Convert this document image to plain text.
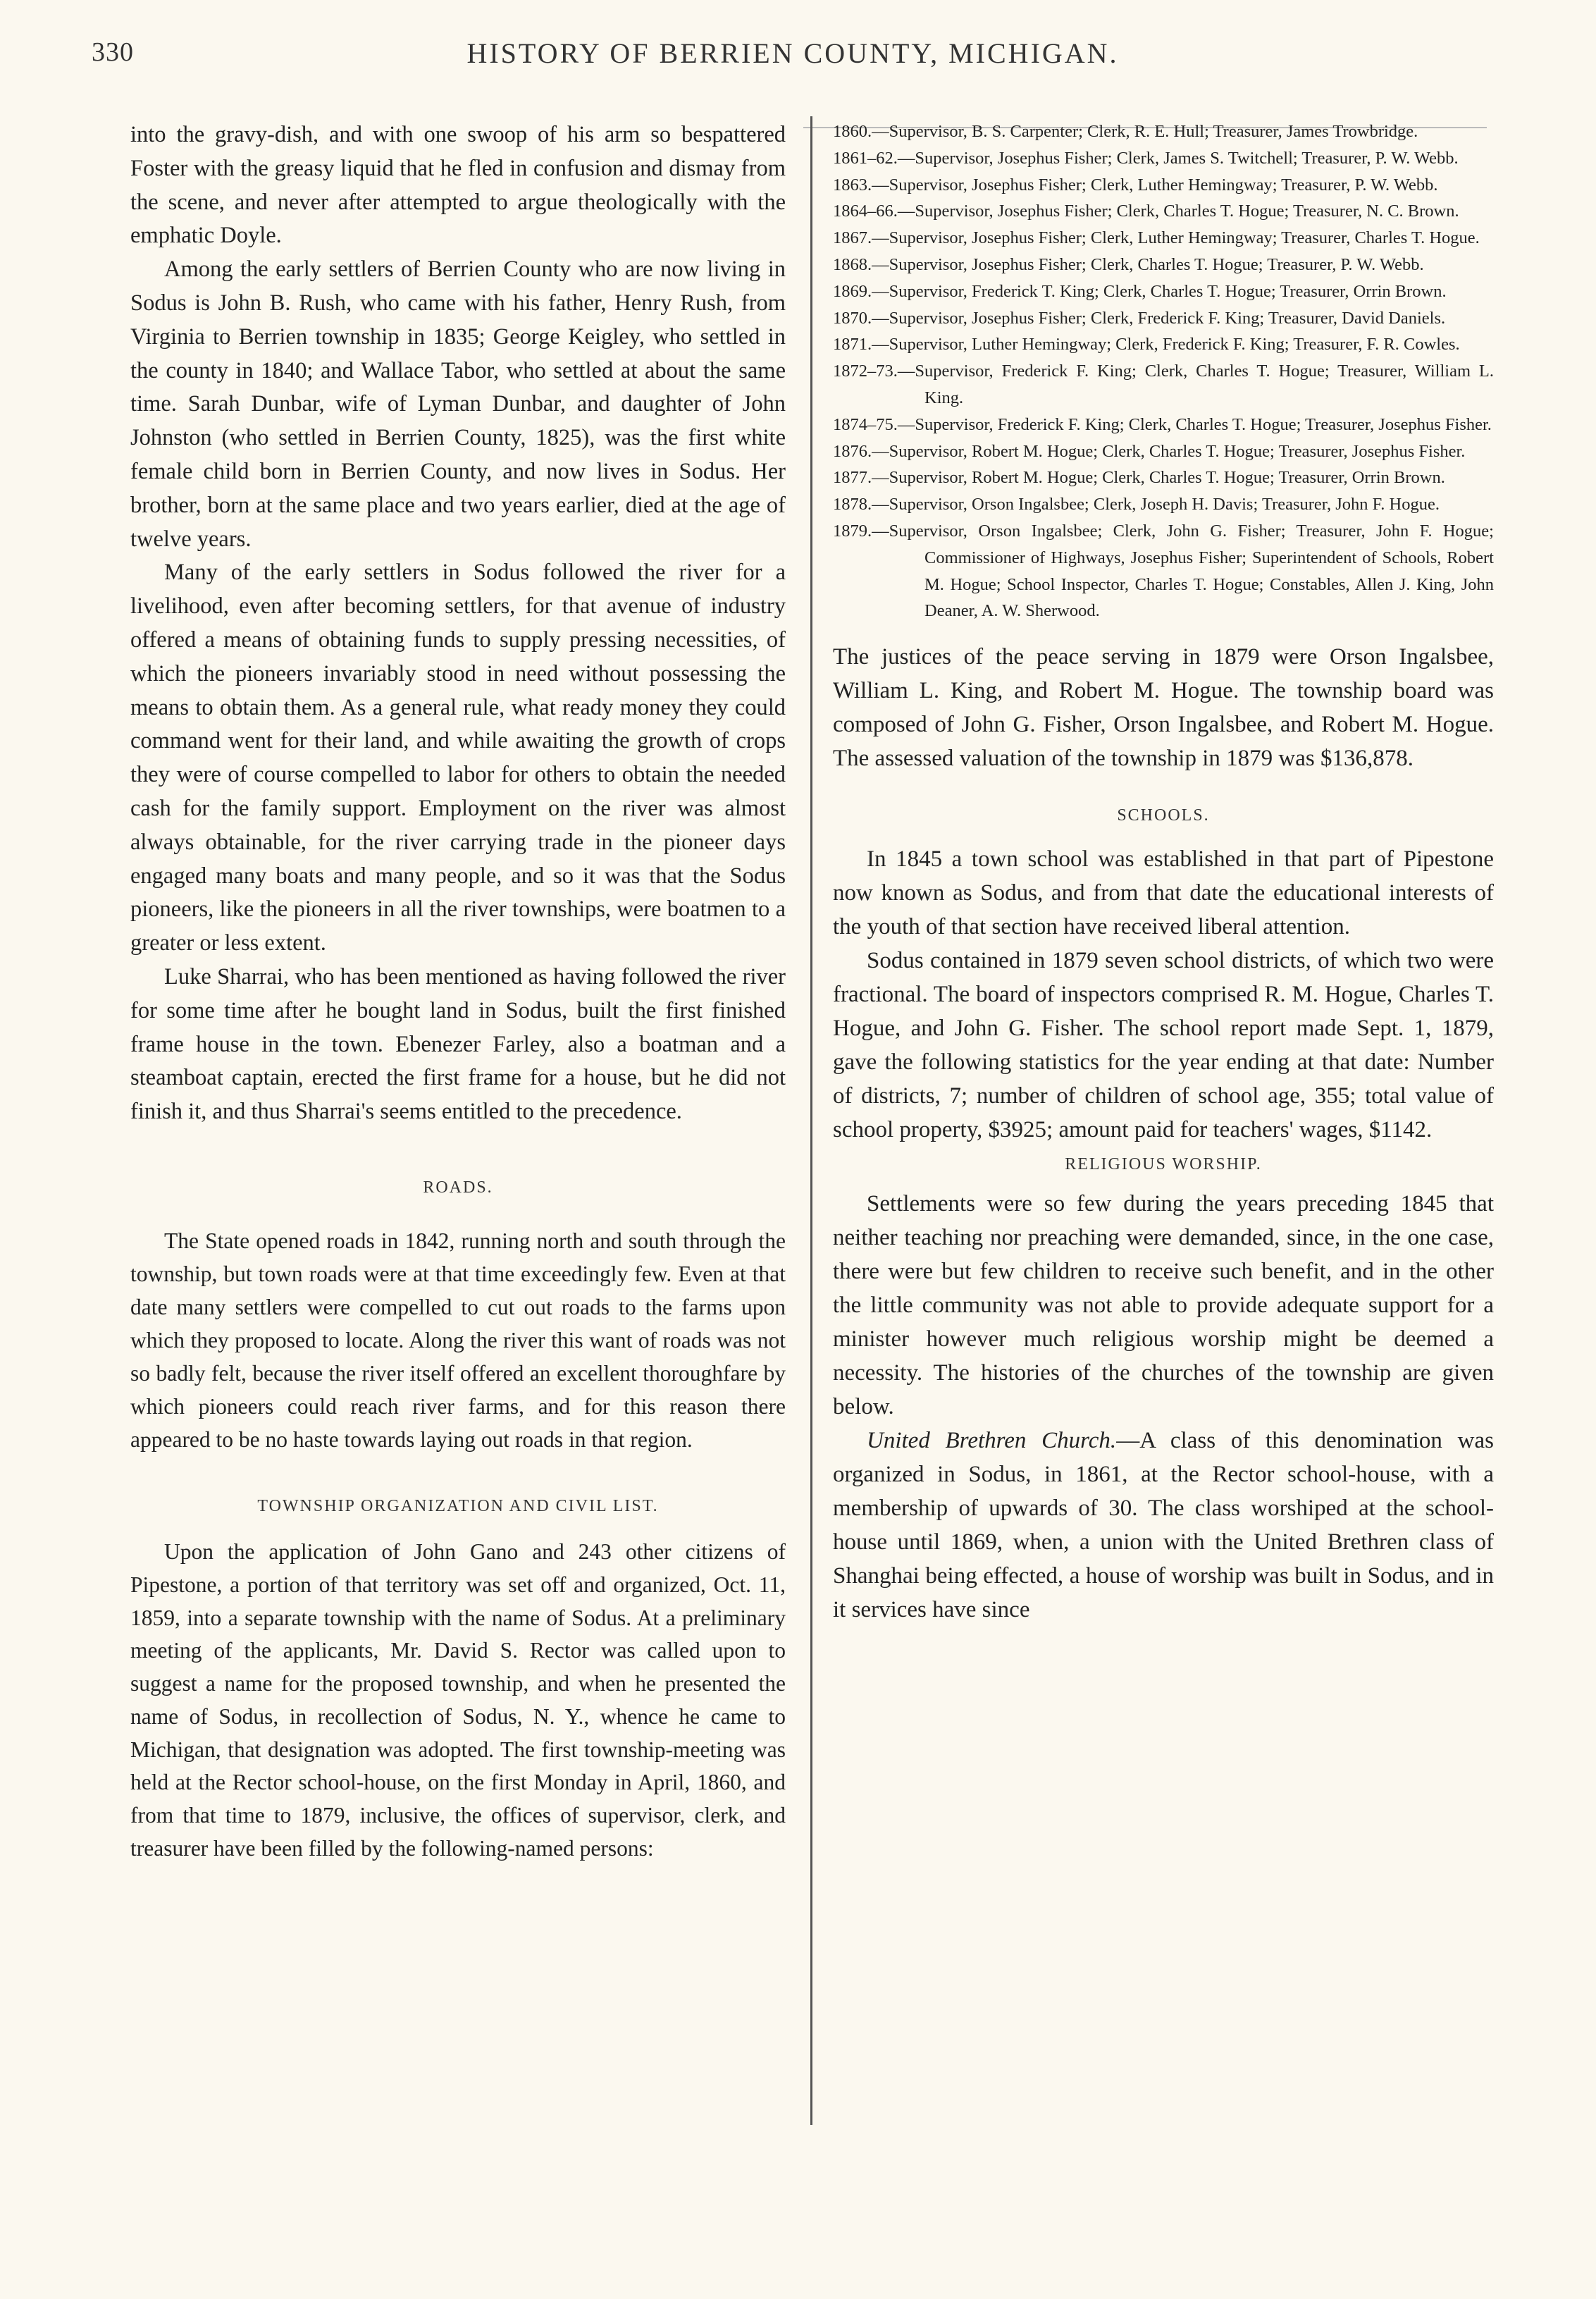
330	HISTORY OF BERRIEN COUNTY, MICHIGAN.

into the gravy-dish, and with one swoop of his arm so bespattered Foster with the greasy liquid that he fled in confusion and dismay from the scene, and never after attempted to argue theologically with the emphatic Doyle.

Among the early settlers of Berrien County who are now living in Sodus is John B. Rush, who came with his father, Henry Rush, from Virginia to Berrien township in 1835; George Keigley, who settled in the county in 1840; and Wallace Tabor, who settled at about the same time. Sarah Dunbar, wife of Lyman Dunbar, and daughter of John Johnston (who settled in Berrien County, 1825), was the first white female child born in Berrien County, and now lives in Sodus. Her brother, born at the same place and two years earlier, died at the age of twelve years.

Many of the early settlers in Sodus followed the river for a livelihood, even after becoming settlers, for that avenue of industry offered a means of obtaining funds to supply pressing necessities, of which the pioneers invariably stood in need without possessing the means to obtain them. As a general rule, what ready money they could command went for their land, and while awaiting the growth of crops they were of course compelled to labor for others to obtain the needed cash for the family support. Employment on the river was almost always obtainable, for the river carrying trade in the pioneer days engaged many boats and many people, and so it was that the Sodus pioneers, like the pioneers in all the river townships, were boatmen to a greater or less extent.

Luke Sharrai, who has been mentioned as having followed the river for some time after he bought land in Sodus, built the first finished frame house in the town. Ebenezer Farley, also a boatman and a steamboat captain, erected the first frame for a house, but he did not finish it, and thus Sharrai's seems entitled to the precedence.

ROADS.

The State opened roads in 1842, running north and south through the township, but town roads were at that time exceedingly few. Even at that date many settlers were compelled to cut out roads to the farms upon which they proposed to locate. Along the river this want of roads was not so badly felt, because the river itself offered an excellent thoroughfare by which pioneers could reach river farms, and for this reason there appeared to be no haste towards laying out roads in that region.

TOWNSHIP ORGANIZATION AND CIVIL LIST.

Upon the application of John Gano and 243 other citizens of Pipestone, a portion of that territory was set off and organized, Oct. 11, 1859, into a separate township with the name of Sodus. At a preliminary meeting of the applicants, Mr. David S. Rector was called upon to suggest a name for the proposed township, and when he presented the name of Sodus, in recollection of Sodus, N. Y., whence he came to Michigan, that designation was adopted. The first township-meeting was held at the Rector school-house, on the first Monday in April, 1860, and from that time to 1879, inclusive, the offices of supervisor, clerk, and treasurer have been filled by the following-named persons:

1860.—Supervisor, B. S. Carpenter; Clerk, R. E. Hull; Treasurer, James Trowbridge.
1861–62.—Supervisor, Josephus Fisher; Clerk, James S. Twitchell; Treasurer, P. W. Webb.
1863.—Supervisor, Josephus Fisher; Clerk, Luther Hemingway; Treasurer, P. W. Webb.
1864–66.—Supervisor, Josephus Fisher; Clerk, Charles T. Hogue; Treasurer, N. C. Brown.
1867.—Supervisor, Josephus Fisher; Clerk, Luther Hemingway; Treasurer, Charles T. Hogue.
1868.—Supervisor, Josephus Fisher; Clerk, Charles T. Hogue; Treasurer, P. W. Webb.
1869.—Supervisor, Frederick T. King; Clerk, Charles T. Hogue; Treasurer, Orrin Brown.
1870.—Supervisor, Josephus Fisher; Clerk, Frederick F. King; Treasurer, David Daniels.
1871.—Supervisor, Luther Hemingway; Clerk, Frederick F. King; Treasurer, F. R. Cowles.
1872–73.—Supervisor, Frederick F. King; Clerk, Charles T. Hogue; Treasurer, William L. King.
1874–75.—Supervisor, Frederick F. King; Clerk, Charles T. Hogue; Treasurer, Josephus Fisher.
1876.—Supervisor, Robert M. Hogue; Clerk, Charles T. Hogue; Treasurer, Josephus Fisher.
1877.—Supervisor, Robert M. Hogue; Clerk, Charles T. Hogue; Treasurer, Orrin Brown.
1878.—Supervisor, Orson Ingalsbee; Clerk, Joseph H. Davis; Treasurer, John F. Hogue.
1879.—Supervisor, Orson Ingalsbee; Clerk, John G. Fisher; Treasurer, John F. Hogue; Commissioner of Highways, Josephus Fisher; Superintendent of Schools, Robert M. Hogue; School Inspector, Charles T. Hogue; Constables, Allen J. King, John Deaner, A. W. Sherwood.

The justices of the peace serving in 1879 were Orson Ingalsbee, William L. King, and Robert M. Hogue. The township board was composed of John G. Fisher, Orson Ingalsbee, and Robert M. Hogue. The assessed valuation of the township in 1879 was $136,878.

SCHOOLS.

In 1845 a town school was established in that part of Pipestone now known as Sodus, and from that date the educational interests of the youth of that section have received liberal attention.

Sodus contained in 1879 seven school districts, of which two were fractional. The board of inspectors comprised R. M. Hogue, Charles T. Hogue, and John G. Fisher. The school report made Sept. 1, 1879, gave the following statistics for the year ending at that date: Number of districts, 7; number of children of school age, 355; total value of school property, $3925; amount paid for teachers' wages, $1142.

RELIGIOUS WORSHIP.

Settlements were so few during the years preceding 1845 that neither teaching nor preaching were demanded, since, in the one case, there were but few children to receive such benefit, and in the other the little community was not able to provide adequate support for a minister however much religious worship might be deemed a necessity. The histories of the churches of the township are given below.

United Brethren Church.—A class of this denomination was organized in Sodus, in 1861, at the Rector school-house, with a membership of upwards of 30. The class worshiped at the school-house until 1869, when, a union with the United Brethren class of Shanghai being effected, a house of worship was built in Sodus, and in it services have since
